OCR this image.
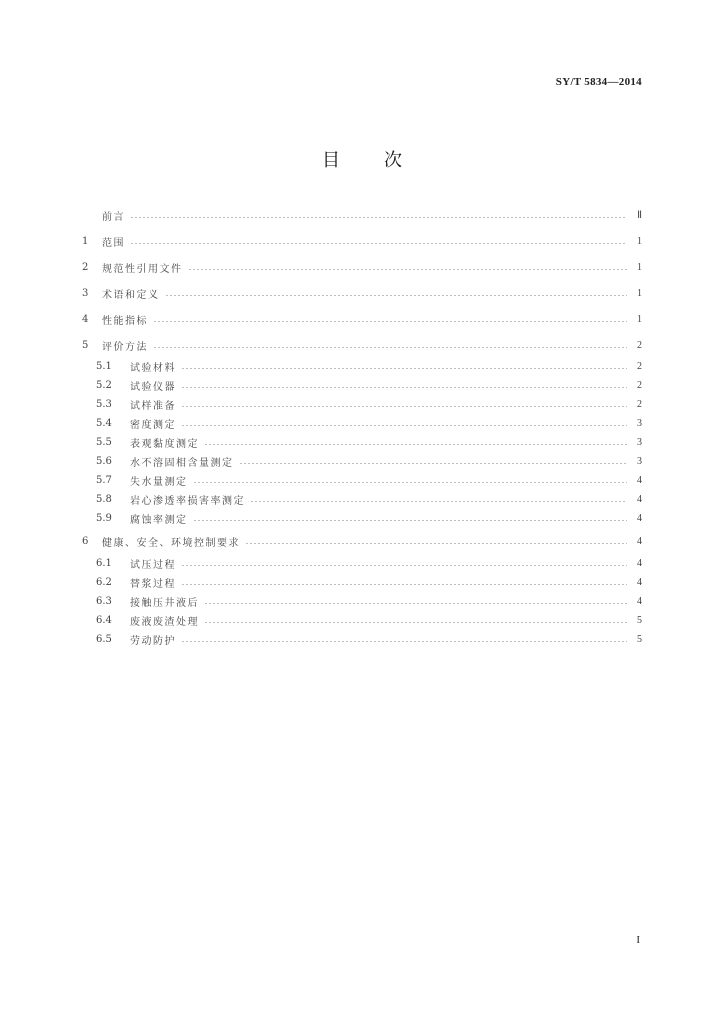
SY/T 5834—2014
目 次
前言	Ⅱ
1	范围	1
2	规范性引用文件	1
3	术语和定义	1
4	性能指标	1
5	评价方法	2
5.1	试验材料	2
5.2	试验仪器	2
5.3	试样准备	2
5.4	密度测定	3
5.5	表观黏度测定	3
5.6	水不溶固相含量测定	3
5.7	失水量测定	4
5.8	岩心渗透率损害率测定	4
5.9	腐蚀率测定	4
6	健康、安全、环境控制要求	4
6.1	试压过程	4
6.2	替浆过程	4
6.3	接触压井液后	4
6.4	废液废渣处理	5
6.5	劳动防护	5
I
